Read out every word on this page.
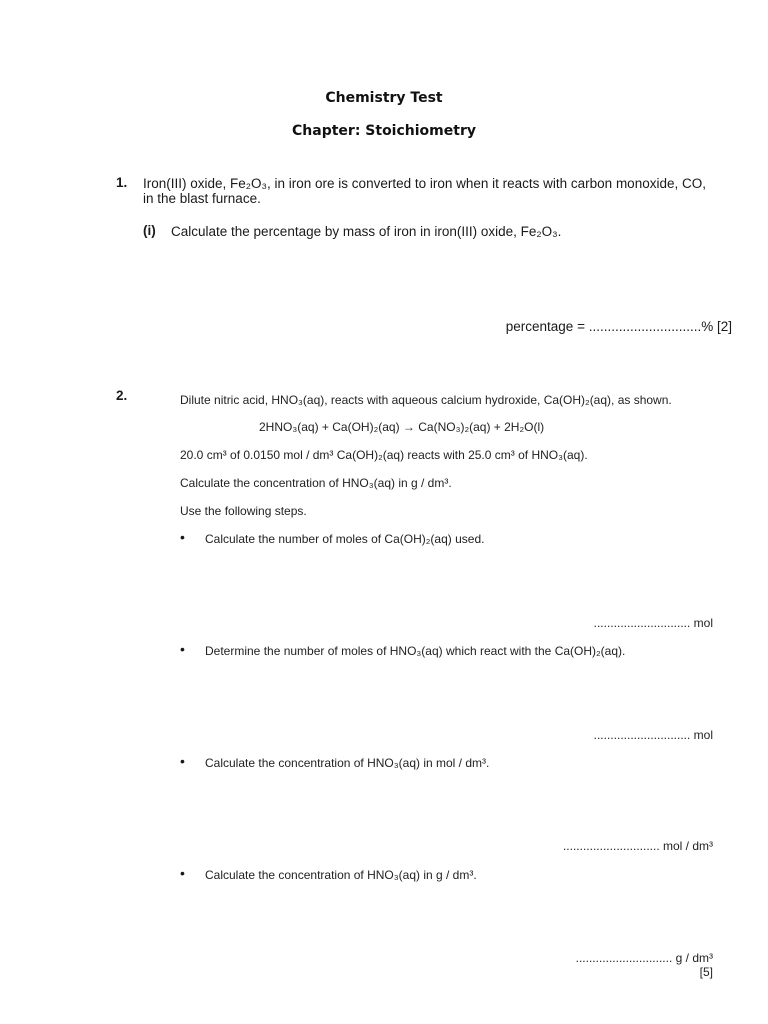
Chemistry Test
Chapter: Stoichiometry
1. Iron(III) oxide, Fe₂O₃, in iron ore is converted to iron when it reacts with carbon monoxide, CO,
in the blast furnace.
(i) Calculate the percentage by mass of iron in iron(III) oxide, Fe₂O₃.
percentage = ..............................% [2]
2.	Dilute nitric acid, HNO₃(aq), reacts with aqueous calcium hydroxide, Ca(OH)₂(aq), as shown.
2HNO₃(aq) + Ca(OH)₂(aq) → Ca(NO₃)₂(aq) + 2H₂O(l)
20.0 cm³ of 0.0150 mol / dm³ Ca(OH)₂(aq) reacts with 25.0 cm³ of HNO₃(aq).
Calculate the concentration of HNO₃(aq) in g / dm³.
Use the following steps.
• Calculate the number of moles of Ca(OH)₂(aq) used.
............................. mol
• Determine the number of moles of HNO₃(aq) which react with the Ca(OH)₂(aq).
............................. mol
• Calculate the concentration of HNO₃(aq) in mol / dm³.
............................. mol / dm³
• Calculate the concentration of HNO₃(aq) in g / dm³.
............................. g / dm³
[5]
